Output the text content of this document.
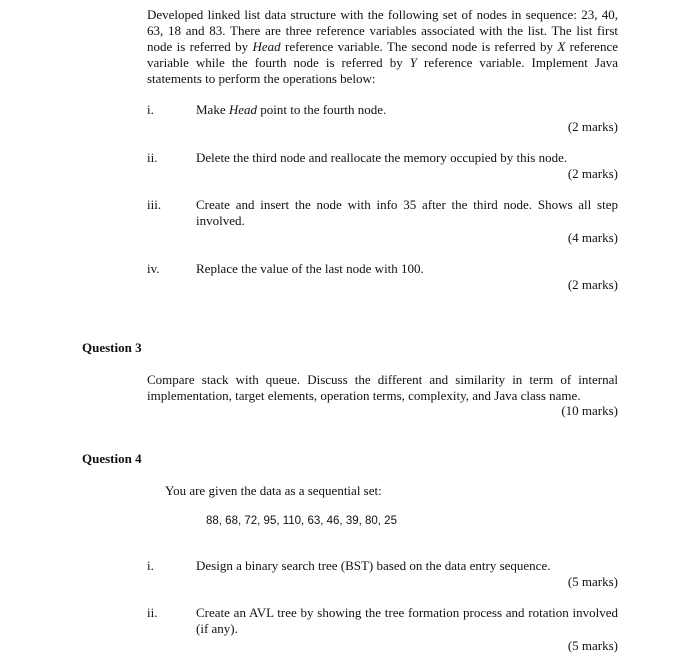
Developed linked list data structure with the following set of nodes in sequence: 23, 40, 63, 18 and 83. There are three reference variables associated with the list. The list first node is referred by Head reference variable. The second node is referred by X reference variable while the fourth node is referred by Y reference variable. Implement Java statements to perform the operations below:
i.	Make Head point to the fourth node.
(2 marks)
ii.	Delete the third node and reallocate the memory occupied by this node.
(2 marks)
iii.	Create and insert the node with info 35 after the third node. Shows all step involved.
(4 marks)
iv.	Replace the value of the last node with 100.
(2 marks)
Question 3
Compare stack with queue. Discuss the different and similarity in term of internal implementation, target elements, operation terms, complexity, and Java class name.
(10 marks)
Question 4
You are given the data as a sequential set:
88, 68, 72, 95, 110, 63, 46, 39, 80, 25
i.	Design a binary search tree (BST) based on the data entry sequence.
(5 marks)
ii.	Create an AVL tree by showing the tree formation process and rotation involved (if any).
(5 marks)
